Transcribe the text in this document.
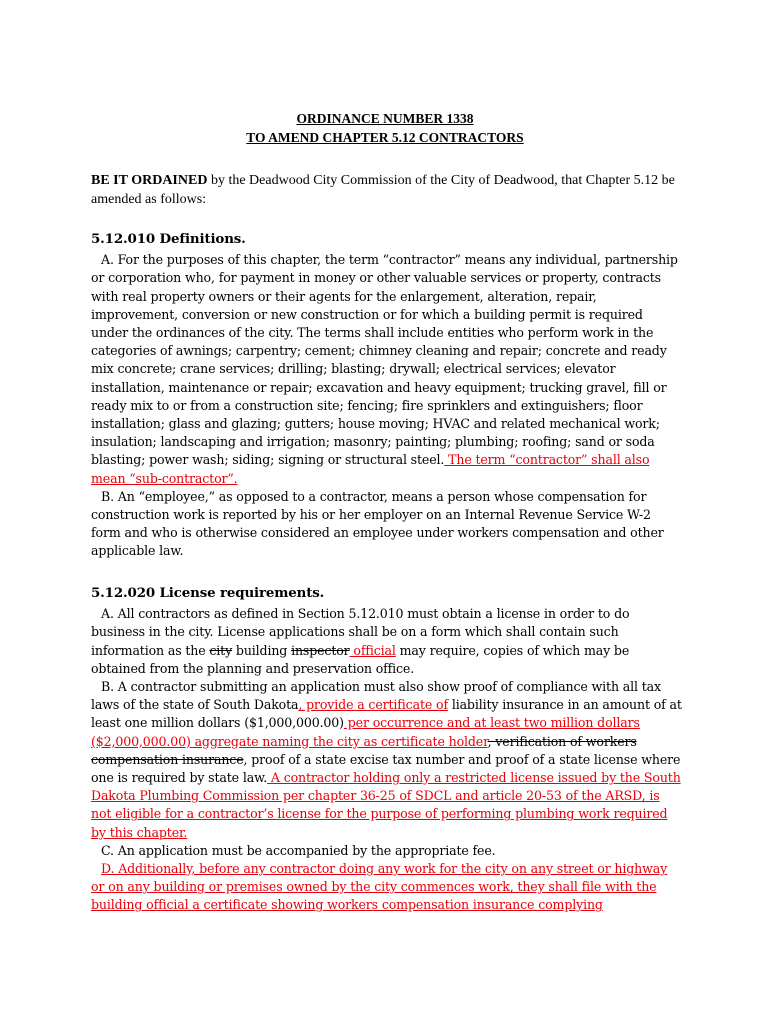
ORDINANCE NUMBER 1338
TO AMEND CHAPTER 5.12 CONTRACTORS

BE IT ORDAINED by the Deadwood City Commission of the City of Deadwood, that Chapter 5.12 be amended as follows:

5.12.010 Definitions.

A. For the purposes of this chapter, the term “contractor” means any individual, partnership or corporation who, for payment in money or other valuable services or property, contracts with real property owners or their agents for the enlargement, alteration, repair, improvement, conversion or new construction or for which a building permit is required under the ordinances of the city. The terms shall include entities who perform work in the categories of awnings; carpentry; cement; chimney cleaning and repair; concrete and ready mix concrete; crane services; drilling; blasting; drywall; electrical services; elevator installation, maintenance or repair; excavation and heavy equipment; trucking gravel, fill or ready mix to or from a construction site; fencing; fire sprinklers and extinguishers; floor installation; glass and glazing; gutters; house moving; HVAC and related mechanical work; insulation; landscaping and irrigation; masonry; painting; plumbing; roofing; sand or soda blasting; power wash; siding; signing or structural steel. The term “contractor” shall also mean “sub-contractor”.

B. An “employee,” as opposed to a contractor, means a person whose compensation for construction work is reported by his or her employer on an Internal Revenue Service W-2 form and who is otherwise considered an employee under workers compensation and other applicable law.

5.12.020 License requirements.

A. All contractors as defined in Section 5.12.010 must obtain a license in order to do business in the city. License applications shall be on a form which shall contain such information as the city building inspector official may require, copies of which may be obtained from the planning and preservation office.

B. A contractor submitting an application must also show proof of compliance with all tax laws of the state of South Dakota, provide a certificate of liability insurance in an amount of at least one million dollars ($1,000,000.00) per occurrence and at least two million dollars ($2,000,000.00) aggregate naming the city as certificate holder, verification of workers compensation insurance, proof of a state excise tax number and proof of a state license where one is required by state law. A contractor holding only a restricted license issued by the South Dakota Plumbing Commission per chapter 36-25 of SDCL and article 20-53 of the ARSD, is not eligible for a contractor’s license for the purpose of performing plumbing work required by this chapter.

C. An application must be accompanied by the appropriate fee.

D. Additionally, before any contractor doing any work for the city on any street or highway or on any building or premises owned by the city commences work, they shall file with the building official a certificate showing workers compensation insurance complying
